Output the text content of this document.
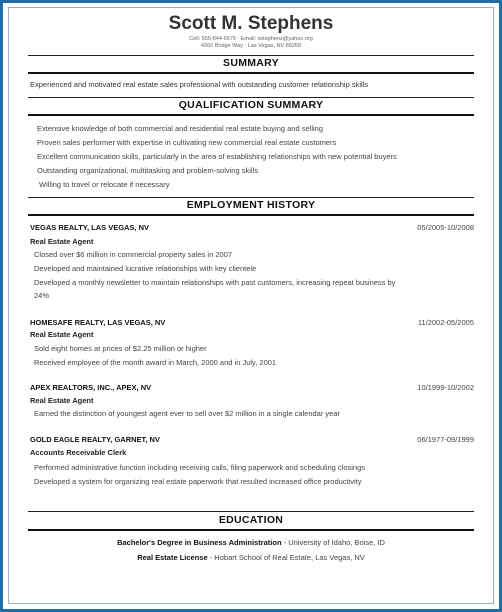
Scott M. Stephens
Cell: 555-844-6679 · Email: sstephens@yahoo.org
4360 Bridge Way · Las Vegas, NV 89268
SUMMARY
Experienced and motivated real estate sales professional with outstanding customer relationship skills
QUALIFICATION SUMMARY
Extensive knowledge of both commercial and residential real estate buying and selling
Proven sales performer with expertise in cultivating new commercial real estate customers
Excellent communication skills, particularly in the area of establishing relationships with new potential buyers
Outstanding organizational, multitasking and problem-solving skills
Willing to travel or relocate if necessary
EMPLOYMENT HISTORY
VEGAS REALTY, LAS VEGAS, NV	05/2005-10/2008
Real Estate Agent
Closed over $6 million in commercial property sales in 2007
Developed and maintained lucrative relationships with key clientele
Developed a monthly newsletter to maintain relationships with past customers, increasing repeat business by
24%
HOMESAFE REALTY, LAS VEGAS, NV	11/2002-05/2005
Real Estate Agent
Sold eight homes at prices of $2.25 million or higher
Received employee of the month award in March, 2000 and in July, 2001
APEX REALTORS, INC., APEX, NV	10/1999-10/2002
Real Estate Agent
Earned the distinction of youngest agent ever to sell over $2 million in a single calendar year
GOLD EAGLE REALTY, GARNET, NV	06/1977-09/1999
Accounts Receivable Clerk
Performed administrative function including receiving calls, filing paperwork and scheduling closings
Developed a system for organizing real estate paperwork that resulted increased office productivity
EDUCATION
Bachelor's Degree in Business Administration - University of Idaho, Boise, ID
Real Estate License - Hobart School of Real Estate, Las Vegas, NV
